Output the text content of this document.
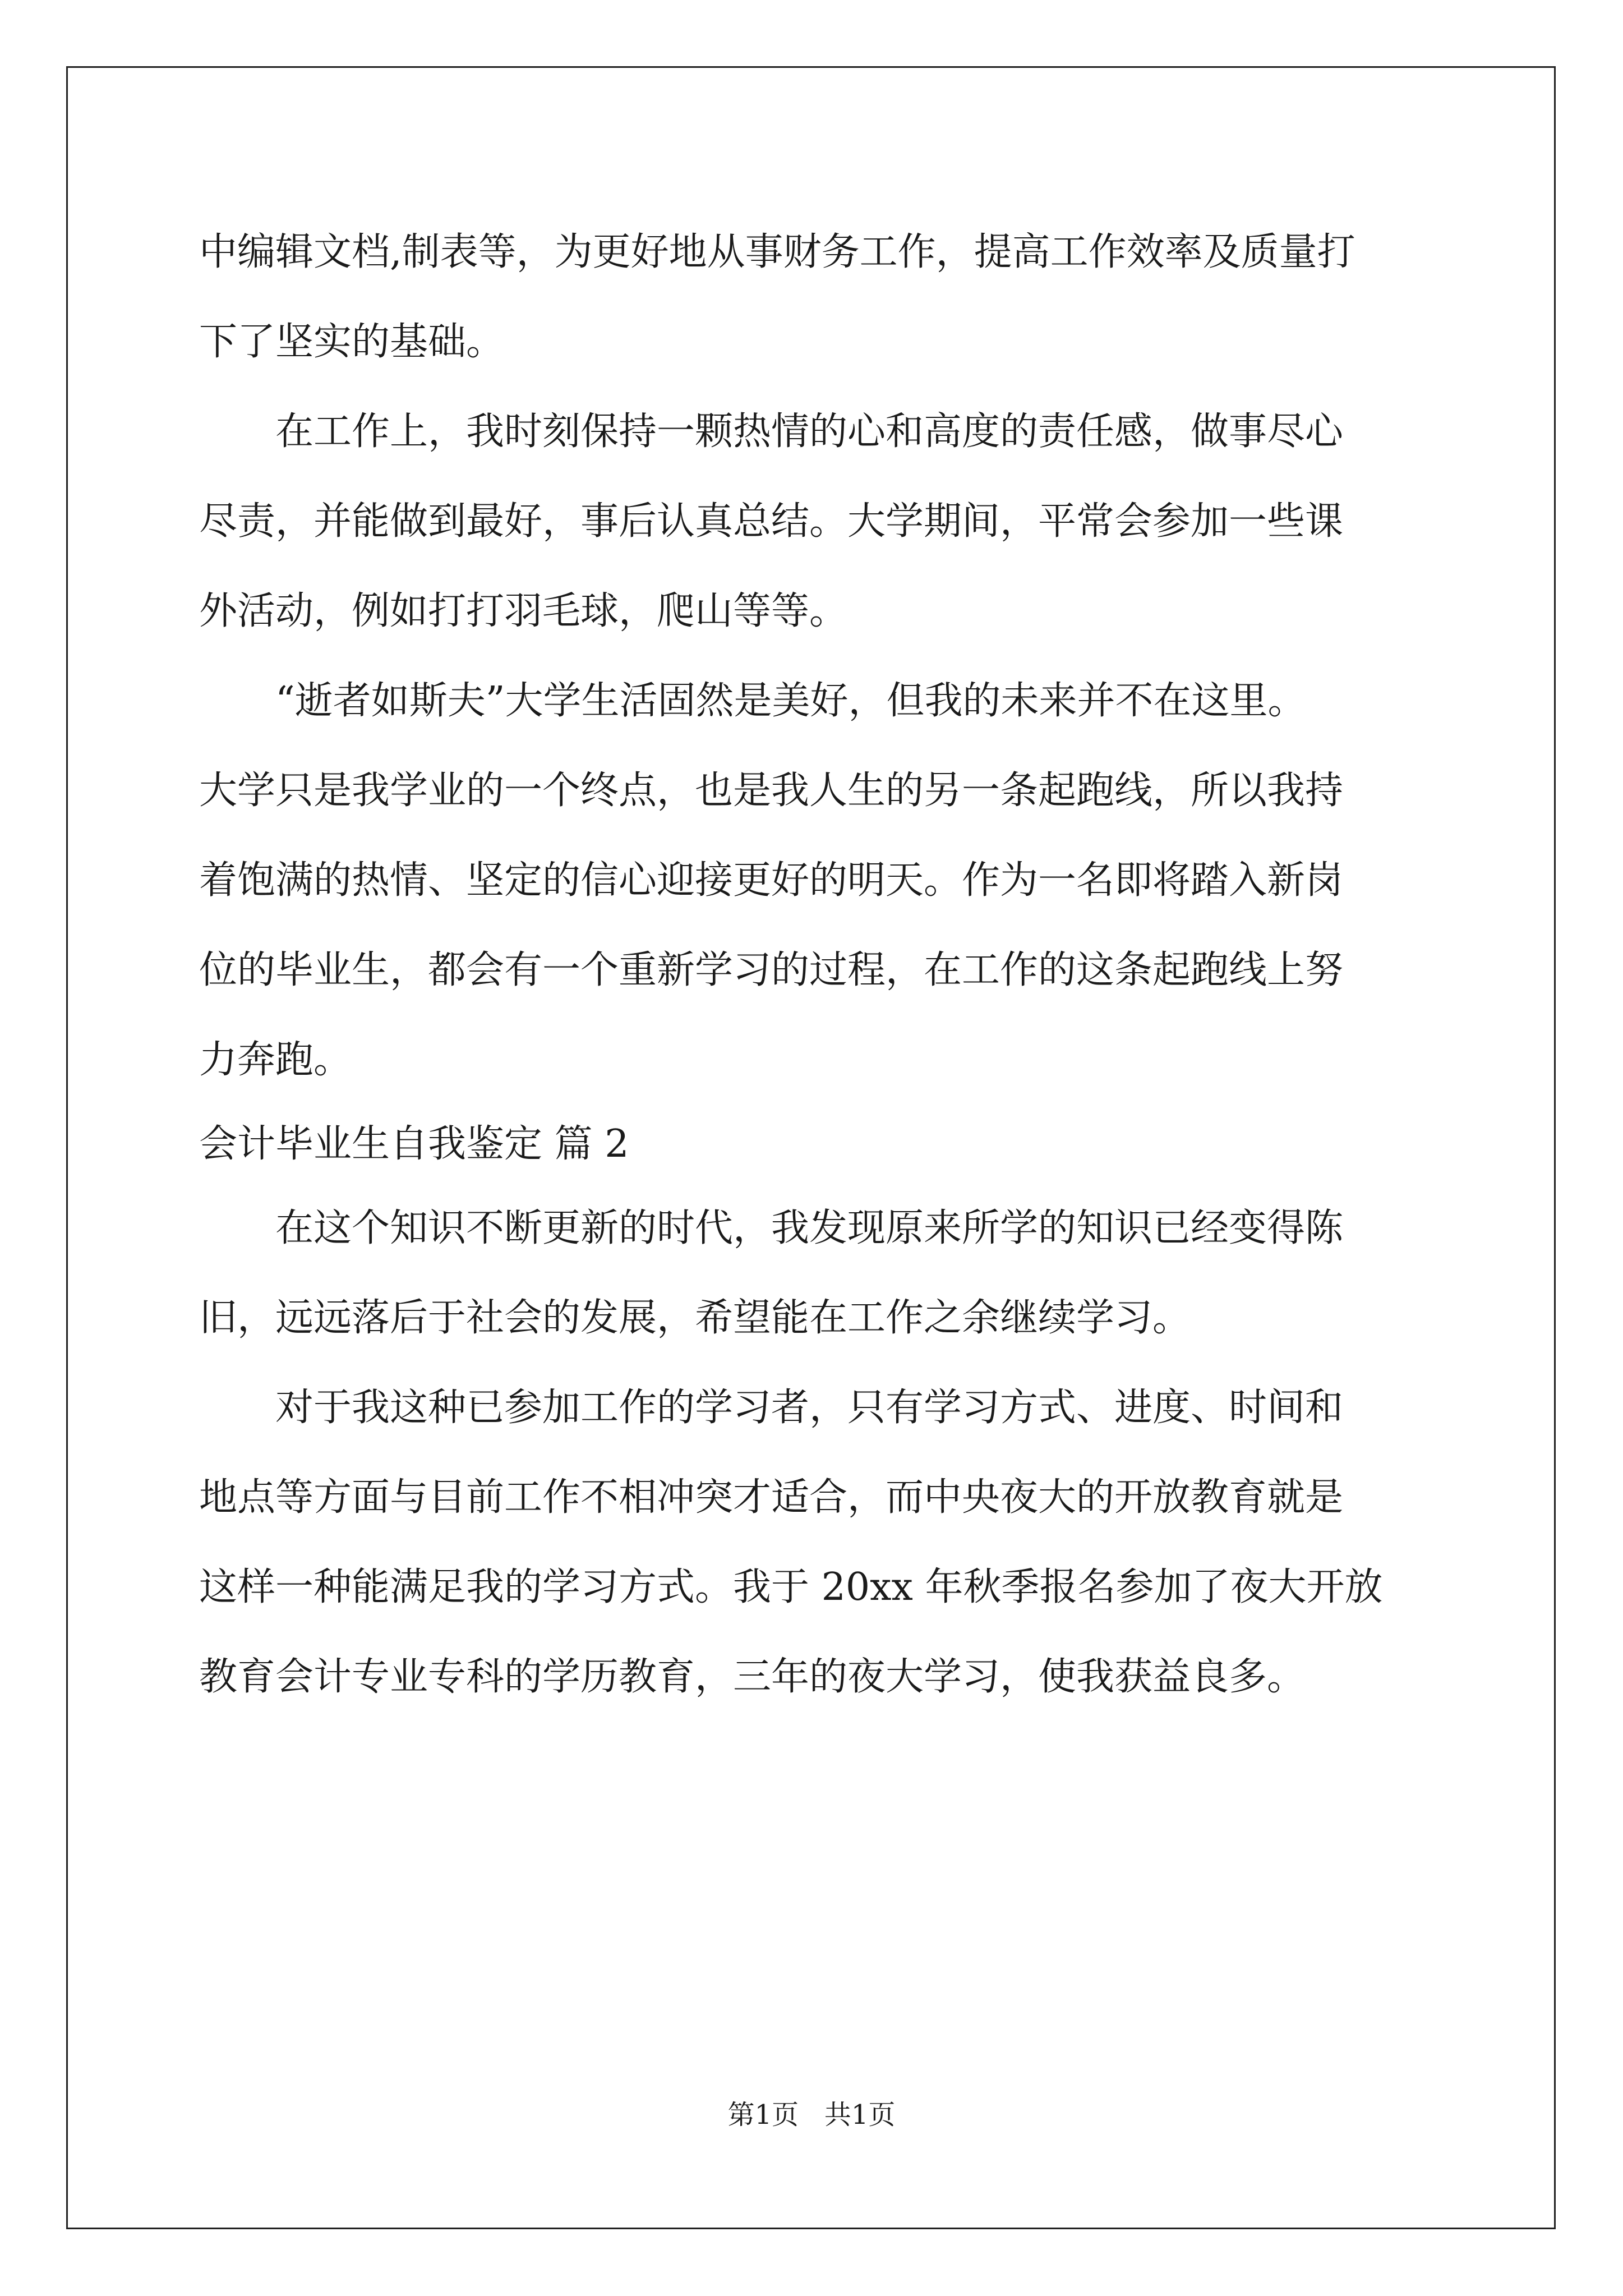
中编辑文档,制表等，为更好地从事财务工作，提高工作效率及质量打
下了坚实的基础。
在工作上，我时刻保持一颗热情的心和高度的责任感，做事尽心
尽责，并能做到最好，事后认真总结。大学期间，平常会参加一些课
外活动，例如打打羽毛球，爬山等等。
“逝者如斯夫”大学生活固然是美好，但我的未来并不在这里。
大学只是我学业的一个终点，也是我人生的另一条起跑线，所以我持
着饱满的热情、坚定的信心迎接更好的明天。作为一名即将踏入新岗
位的毕业生，都会有一个重新学习的过程，在工作的这条起跑线上努
力奔跑。
会计毕业生自我鉴定 篇 2
在这个知识不断更新的时代，我发现原来所学的知识已经变得陈
旧，远远落后于社会的发展，希望能在工作之余继续学习。
对于我这种已参加工作的学习者，只有学习方式、进度、时间和
地点等方面与目前工作不相冲突才适合，而中央夜大的开放教育就是
这样一种能满足我的学习方式。我于 20xx 年秋季报名参加了夜大开放
教育会计专业专科的学历教育，三年的夜大学习，使我获益良多。
第1页   共1页
